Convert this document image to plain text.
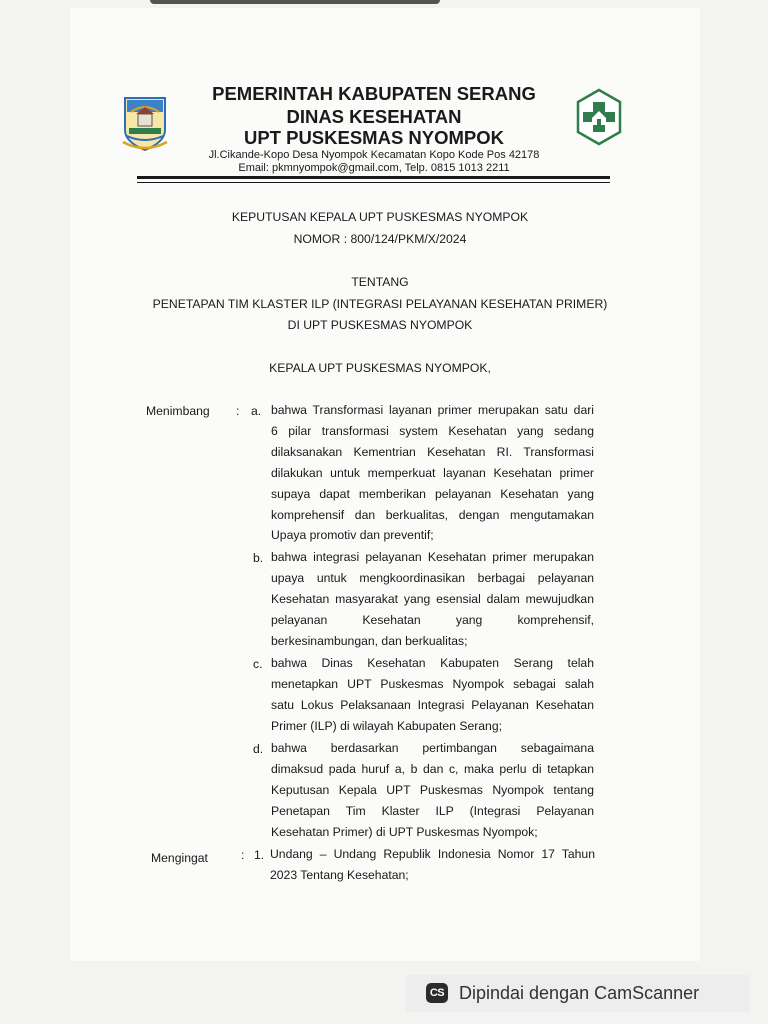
PEMERINTAH KABUPATEN SERANG
DINAS KESEHATAN
UPT PUSKESMAS NYOMPOK
Jl.Cikande-Kopo Desa Nyompok Kecamatan Kopo Kode Pos 42178
Email: pkmnyompok@gmail.com, Telp. 0815 1013 2211
KEPUTUSAN KEPALA UPT PUSKESMAS NYOMPOK
NOMOR : 800/124/PKM/X/2024
TENTANG
PENETAPAN TIM KLASTER ILP (INTEGRASI PELAYANAN KESEHATAN PRIMER)
DI UPT PUSKESMAS NYOMPOK
KEPALA UPT PUSKESMAS NYOMPOK,
Menimbang : a. bahwa Transformasi layanan primer merupakan satu dari
6 pilar transformasi system Kesehatan yang sedang
dilaksanakan Kementrian Kesehatan RI. Transformasi
dilakukan untuk memperkuat layanan Kesehatan primer
supaya dapat memberikan pelayanan Kesehatan yang
komprehensif dan berkualitas, dengan mengutamakan
Upaya promotiv dan preventif;
b. bahwa integrasi pelayanan Kesehatan primer merupakan
upaya untuk mengkoordinasikan berbagai pelayanan
Kesehatan masyarakat yang esensial dalam mewujudkan
pelayanan Kesehatan yang komprehensif,
berkesinambungan, dan berkualitas;
c. bahwa Dinas Kesehatan Kabupaten Serang telah
menetapkan UPT Puskesmas Nyompok sebagai salah
satu Lokus Pelaksanaan Integrasi Pelayanan Kesehatan
Primer (ILP) di wilayah Kabupaten Serang;
d. bahwa berdasarkan pertimbangan sebagaimana
dimaksud pada huruf a, b dan c, maka perlu di tetapkan
Keputusan Kepala UPT Puskesmas Nyompok tentang
Penetapan Tim Klaster ILP (Integrasi Pelayanan
Kesehatan Primer) di UPT Puskesmas Nyompok;
Mengingat	: 1. Undang – Undang Republik Indonesia Nomor 17 Tahun
2023 Tentang Kesehatan;
CS Dipindai dengan CamScanner
